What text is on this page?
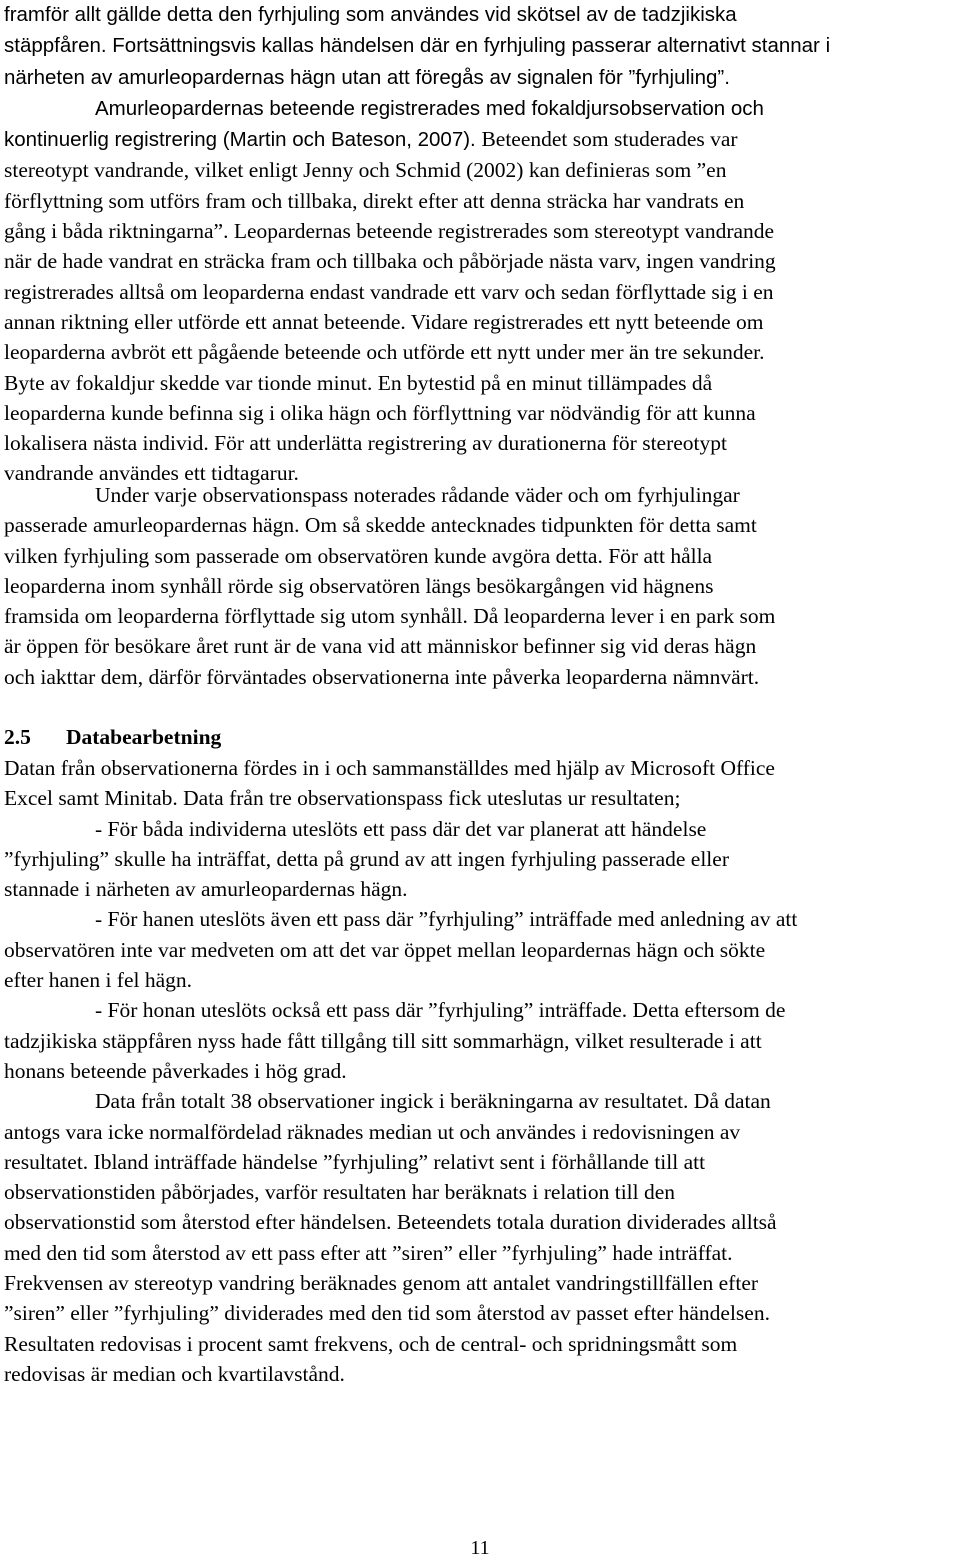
framför allt gällde detta den fyrhjuling som användes vid skötsel av de tadzjikiska
stäppfåren. Fortsättningsvis kallas händelsen där en fyrhjuling passerar alternativt stannar i
närheten av amurleopardernas hägn utan att föregås av signalen för ”fyrhjuling”.
Amurleopardernas beteende registrerades med fokaldjursobservation och
kontinuerlig registrering (Martin och Bateson, 2007). Beteendet som studerades var
stereotypt vandrande, vilket enligt Jenny och Schmid (2002) kan definieras som ”en
förflyttning som utförs fram och tillbaka, direkt efter att denna sträcka har vandrats en
gång i båda riktningarna”. Leopardernas beteende registrerades som stereotypt vandrande
när de hade vandrat en sträcka fram och tillbaka och påbörjade nästa varv, ingen vandring
registrerades alltså om leoparderna endast vandrade ett varv och sedan förflyttade sig i en
annan riktning eller utförde ett annat beteende. Vidare registrerades ett nytt beteende om
leoparderna avbröt ett pågående beteende och utförde ett nytt under mer än tre sekunder.
Byte av fokaldjur skedde var tionde minut. En bytestid på en minut tillämpades då
leoparderna kunde befinna sig i olika hägn och förflyttning var nödvändig för att kunna
lokalisera nästa individ. För att underlätta registrering av durationerna för stereotypt
vandrande användes ett tidtagarur.
Under varje observationspass noterades rådande väder och om fyrhjulingar
passerade amurleopardernas hägn. Om så skedde antecknades tidpunkten för detta samt
vilken fyrhjuling som passerade om observatören kunde avgöra detta. För att hålla
leoparderna inom synhåll rörde sig observatören längs besökargången vid hägnens
framsida om leoparderna förflyttade sig utom synhåll. Då leoparderna lever i en park som
är öppen för besökare året runt är de vana vid att människor befinner sig vid deras hägn
och iakttar dem, därför förväntades observationerna inte påverka leoparderna nämnvärt.
2.5 Databearbetning
Datan från observationerna fördes in i och sammanställdes med hjälp av Microsoft Office
Excel samt Minitab. Data från tre observationspass fick uteslutas ur resultaten;
- För båda individerna uteslöts ett pass där det var planerat att händelse
”fyrhjuling” skulle ha inträffat, detta på grund av att ingen fyrhjuling passerade eller
stannade i närheten av amurleopardernas hägn.
- För hanen uteslöts även ett pass där ”fyrhjuling” inträffade med anledning av att
observatören inte var medveten om att det var öppet mellan leopardernas hägn och sökte
efter hanen i fel hägn.
- För honan uteslöts också ett pass där ”fyrhjuling” inträffade. Detta eftersom de
tadzjikiska stäppfåren nyss hade fått tillgång till sitt sommarhägn, vilket resulterade i att
honans beteende påverkades i hög grad.
Data från totalt 38 observationer ingick i beräkningarna av resultatet. Då datan
antogs vara icke normalfördelad räknades median ut och användes i redovisningen av
resultatet. Ibland inträffade händelse ”fyrhjuling” relativt sent i förhållande till att
observationstiden påbörjades, varför resultaten har beräknats i relation till den
observationstid som återstod efter händelsen. Beteendets totala duration dividerades alltså
med den tid som återstod av ett pass efter att ”siren” eller ”fyrhjuling” hade inträffat.
Frekvensen av stereotyp vandring beräknades genom att antalet vandringstillfällen efter
”siren” eller ”fyrhjuling” dividerades med den tid som återstod av passet efter händelsen.
Resultaten redovisas i procent samt frekvens, och de central- och spridningsmått som
redovisas är median och kvartilavstånd.
11
